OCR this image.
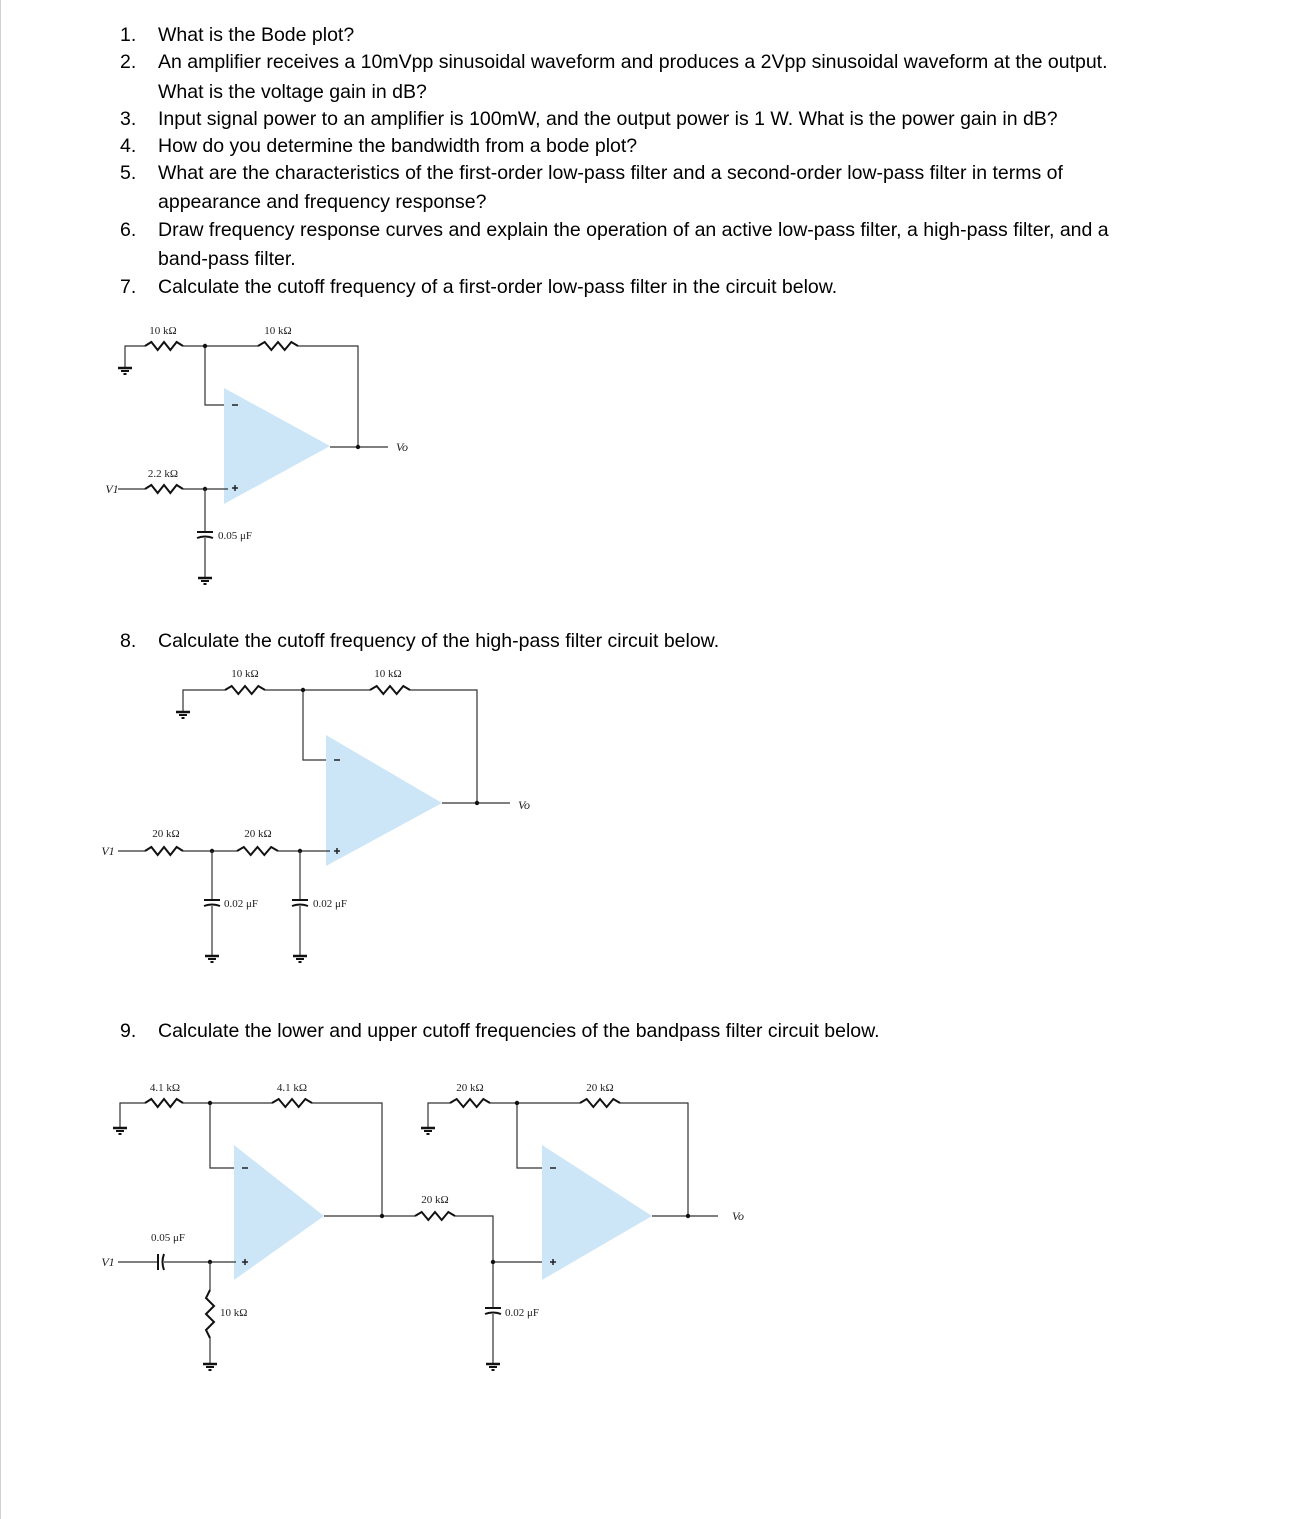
1. What is the Bode plot?
2. An amplifier receives a 10mVpp sinusoidal waveform and produces a 2Vpp sinusoidal waveform at the output.
What is the voltage gain in dB?
3. Input signal power to an amplifier is 100mW, and the output power is 1 W. What is the power gain in dB?
4. How do you determine the bandwidth from a bode plot?
5. What are the characteristics of the first-order low-pass filter and a second-order low-pass filter in terms of
appearance and frequency response?
6. Draw frequency response curves and explain the operation of an active low-pass filter, a high-pass filter, and a
band-pass filter.
7. Calculate the cutoff frequency of a first-order low-pass filter in the circuit below.
8. Calculate the cutoff frequency of the high-pass filter circuit below.
9. Calculate the lower and upper cutoff frequencies of the bandpass filter circuit below.
10 kΩ	10 kΩ
2.2 kΩ
0.05 μF
V1
Vo
10 kΩ	10 kΩ
20 kΩ	20 kΩ
0.02 μF	0.02 μF
V1
Vo
4.1 kΩ	4.1 kΩ	20 kΩ	20 kΩ
20 kΩ
0.05 μF
10 kΩ	0.02 μF
V1
Vo
